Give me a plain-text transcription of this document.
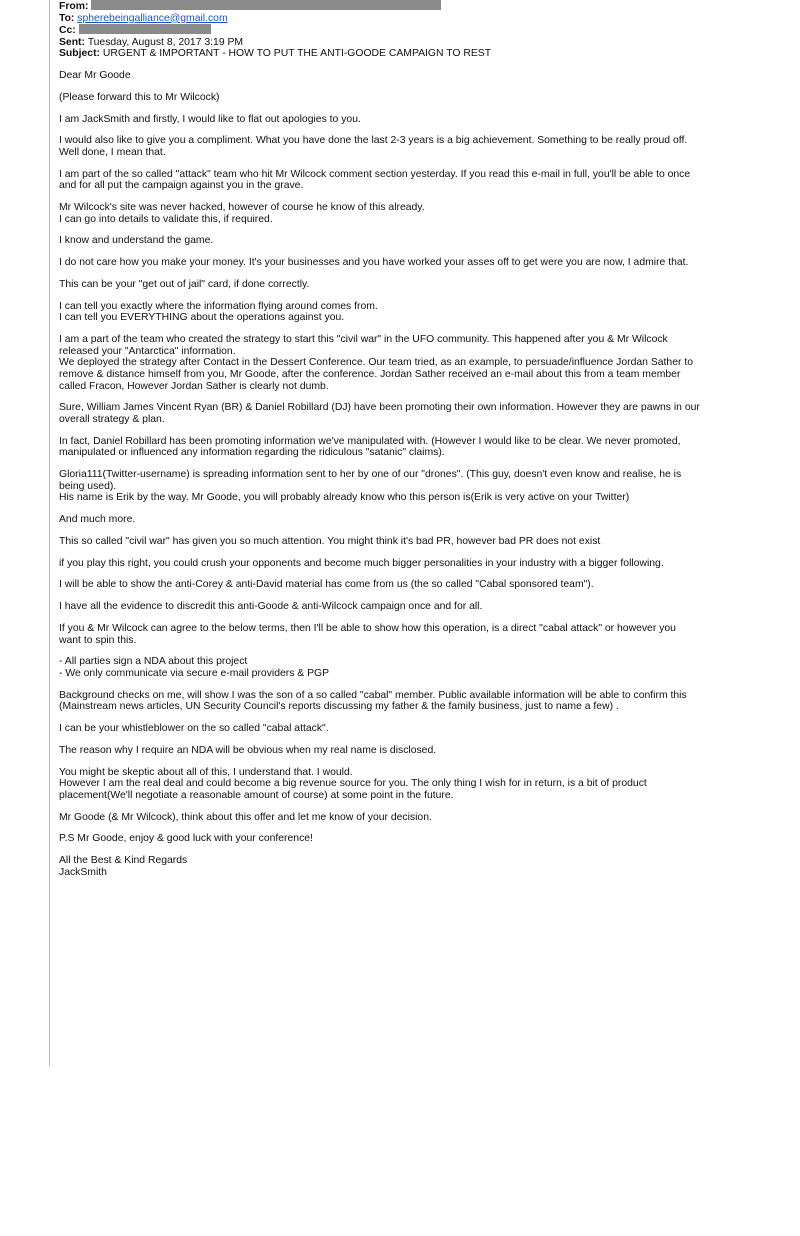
From:
To: spherebeingalliance@gmail.com
Cc:
Sent: Tuesday, August 8, 2017 3:19 PM
Subject: URGENT & IMPORTANT - HOW TO PUT THE ANTI-GOODE CAMPAIGN TO REST

Dear Mr Goode

(Please forward this to Mr Wilcock)

I am JackSmith and firstly, I would like to flat out apologies to you.

I would also like to give you a compliment. What you have done the last 2-3 years is a big achievement. Something to be really proud off.
Well done, I mean that.

I am part of the so called "attack" team who hit Mr Wilcock comment section yesterday. If you read this e-mail in full, you'll be able to once
and for all put the campaign against you in the grave.

Mr Wilcock's site was never hacked, however of course he know of this already.
I can go into details to validate this, if required.

I know and understand the game.

I do not care how you make your money. It's your businesses and you have worked your asses off to get were you are now, I admire that.

This can be your "get out of jail" card, if done correctly.

I can tell you exactly where the information flying around comes from.
I can tell you EVERYTHING about the operations against you.

I am a part of the team who created the strategy to start this "civil war" in the UFO community. This happened after you & Mr Wilcock
released your "Antarctica" information.
We deployed the strategy after Contact in the Dessert Conference. Our team tried, as an example, to persuade/influence Jordan Sather to
remove & distance himself from you, Mr Goode, after the conference. Jordan Sather received an e-mail about this from a team member
called Fracon, However Jordan Sather is clearly not dumb.

Sure, William James Vincent Ryan (BR) & Daniel Robillard (DJ) have been promoting their own information. However they are pawns in our
overall strategy & plan.

In fact, Daniel Robillard has been promoting information we've manipulated with. (However I would like to be clear. We never promoted,
manipulated or influenced any information regarding the ridiculous "satanic" claims).

Gloria111(Twitter-username) is spreading information sent to her by one of our "drones". (This guy, doesn't even know and realise, he is
being used).
His name is Erik by the way. Mr Goode, you will probably already know who this person is(Erik is very active on your Twitter)

And much more.

This so called "civil war" has given you so much attention. You might think it's bad PR, however bad PR does not exist

if you play this right, you could crush your opponents and become much bigger personalities in your industry with a bigger following.

I will be able to show the anti-Corey & anti-David material has come from us (the so called "Cabal sponsored team").

I have all the evidence to discredit this anti-Goode & anti-Wilcock campaign once and for all.

If you & Mr Wilcock can agree to the below terms, then I'll be able to show how this operation, is a direct "cabal attack" or however you
want to spin this.

- All parties sign a NDA about this project
- We only communicate via secure e-mail providers & PGP

Background checks on me, will show I was the son of a so called "cabal" member. Public available information will be able to confirm this
(Mainstream news articles, UN Security Council's reports discussing my father & the family business, just to name a few) .

I can be your whistleblower on the so called "cabal attack".

The reason why I require an NDA will be obvious when my real name is disclosed.

You might be skeptic about all of this, I understand that. I would.
However I am the real deal and could become a big revenue source for you. The only thing I wish for in return, is a bit of product
placement(We'll negotiate a reasonable amount of course) at some point in the future.

Mr Goode (& Mr Wilcock), think about this offer and let me know of your decision.

P.S Mr Goode, enjoy & good luck with your conference!

All the Best & Kind Regards
JackSmith
